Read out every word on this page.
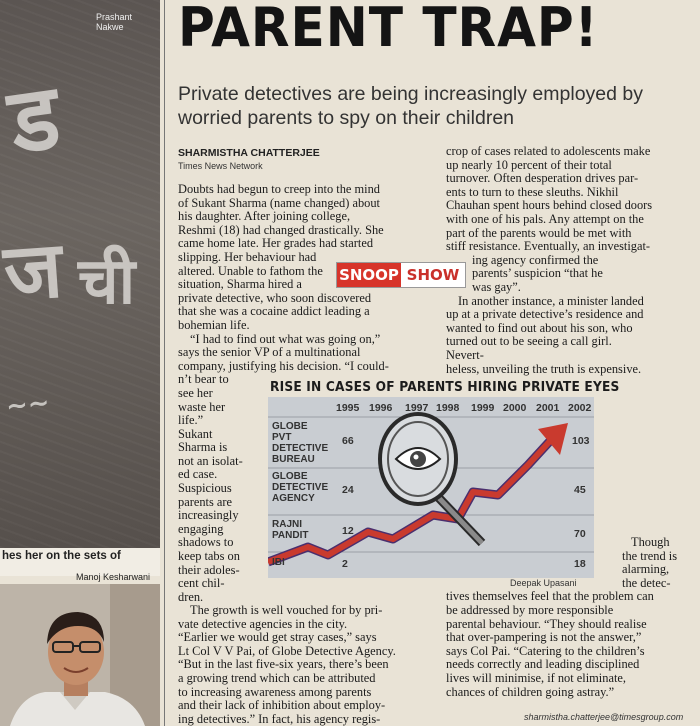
ड
ज ची
~~
Prashant Nakwe
hes her on the sets of
Manoj Kesharwani
PARENT TRAP!
Private detectives are being increasingly employed by
worried parents to spy on their children
SHARMISTHA CHATTERJEE
Times News Network
Doubts had begun to creep into the mind
of Sukant Sharma (name changed) about
his daughter. After joining college,
Reshmi (18) had changed drastically. She
came home late. Her grades had started
slipping. Her behaviour had
altered. Unable to fathom the
situation, Sharma hired a
private detective, who soon discovered
that she was a cocaine addict leading a
bohemian life.
“I had to find out what was going on,”
says the senior VP of a multinational
company, justifying his decision. “I could-
n’t bear to
see her
waste her
life.”
Sukant
Sharma is
not an isolat-
ed case.
Suspicious
parents are
increasingly
engaging
shadows to
keep tabs on
their adoles-
cent chil-
dren.
The growth is well vouched for by pri-
vate detective agencies in the city.
“Earlier we would get stray cases,” says
Lt Col V V Pai, of Globe Detective Agency.
“But in the last five-six years, there’s been
a growing trend which can be attributed
to increasing awareness among parents
and their lack of inhibition about employ-
ing detectives.” In fact, his agency regis-
SNOOP SHOW
crop of cases related to adolescents make
up nearly 10 percent of their total
turnover. Often desperation drives par-
ents to turn to these sleuths. Nikhil
Chauhan spent hours behind closed doors
with one of his pals. Any attempt on the
part of the parents would be met with
stiff resistance. Eventually, an investigat-
ing agency confirmed the
parents’ suspicion “that he
was gay”.
In another instance, a minister landed
up at a private detective’s residence and
wanted to find out about his son, who
turned out to be seeing a call girl.
Nevert-
heless, unveiling the truth is expensive.
RISE IN CASES OF PARENTS HIRING PRIVATE EYES
1995 1996 1997 1998 1999 2000 2001 2002
GLOBE PVT DETECTIVE BUREAU
GLOBE DETECTIVE AGENCY
RAJNI PANDIT
IBI
66
24
12
2
103
45
70
18
Deepak Upasani
Though
the trend is
alarming,
the detec-
tives themselves feel that the problem can
be addressed by more responsible
parental behaviour. “They should realise
that over-pampering is not the answer,”
says Col Pai. “Catering to the children’s
needs correctly and leading disciplined
lives will minimise, if not eliminate,
chances of children going astray.”
sharmistha.chatterjee@timesgroup.com
